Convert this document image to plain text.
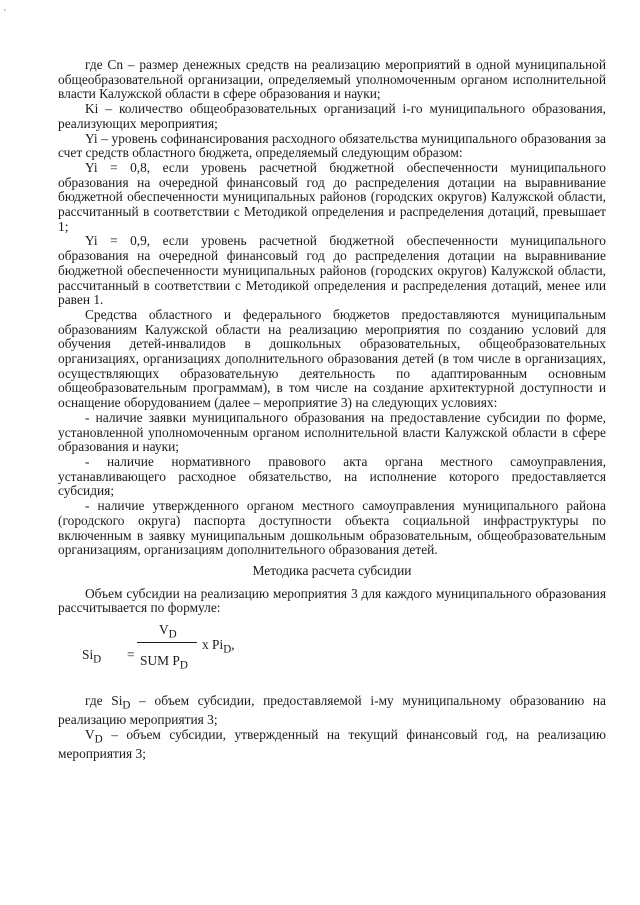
'

где Cn – размер денежных средств на реализацию мероприятий в одной муниципальной общеобразовательной организации, определяемый уполномоченным органом исполнительной власти Калужской области в сфере образования и науки;

Ki – количество общеобразовательных организаций i-го муниципального образования, реализующих мероприятия;

Yi – уровень софинансирования расходного обязательства муниципального образования за счет средств областного бюджета, определяемый следующим образом:

Yi = 0,8, если уровень расчетной бюджетной обеспеченности муниципального образования на очередной финансовый год до распределения дотации на выравнивание бюджетной обеспеченности муниципальных районов (городских округов) Калужской области, рассчитанный в соответствии с Методикой определения и распределения дотаций, превышает 1;

Yi = 0,9, если уровень расчетной бюджетной обеспеченности муниципального образования на очередной финансовый год до распределения дотации на выравнивание бюджетной обеспеченности муниципальных районов (городских округов) Калужской области, рассчитанный в соответствии с Методикой определения и распределения дотаций, менее или равен 1.

Средства областного и федерального бюджетов предоставляются муниципальным образованиям Калужской области на реализацию мероприятия по созданию условий для обучения детей-инвалидов в дошкольных образовательных, общеобразовательных организациях, организациях дополнительного образования детей (в том числе в организациях, осуществляющих образовательную деятельность по адаптированным основным общеобразовательным программам), в том числе на создание архитектурной доступности и оснащение оборудованием (далее – мероприятие 3) на следующих условиях:

- наличие заявки муниципального образования на предоставление субсидии по форме, установленной уполномоченным органом исполнительной власти Калужской области в сфере образования и науки;

- наличие нормативного правового акта органа местного самоуправления, устанавливающего расходное обязательство, на исполнение которого предоставляется субсидия;

- наличие утвержденного органом местного самоуправления муниципального района (городского округа) паспорта доступности объекта социальной инфраструктуры по включенным в заявку муниципальным дошкольным образовательным, общеобразовательным организациям, организациям дополнительного образования детей.

Методика расчета субсидии

Объем субсидии на реализацию мероприятия 3 для каждого муниципального образования рассчитывается по формуле:

$Si_D$ =
$V_D$
SUM $P_D$
x $Pi_D$,

где $Si_D$ – объем субсидии, предоставляемой i-му муниципальному образованию на реализацию мероприятия 3;

$V_D$ – объем субсидии, утвержденный на текущий финансовый год, на реализацию мероприятия 3;
